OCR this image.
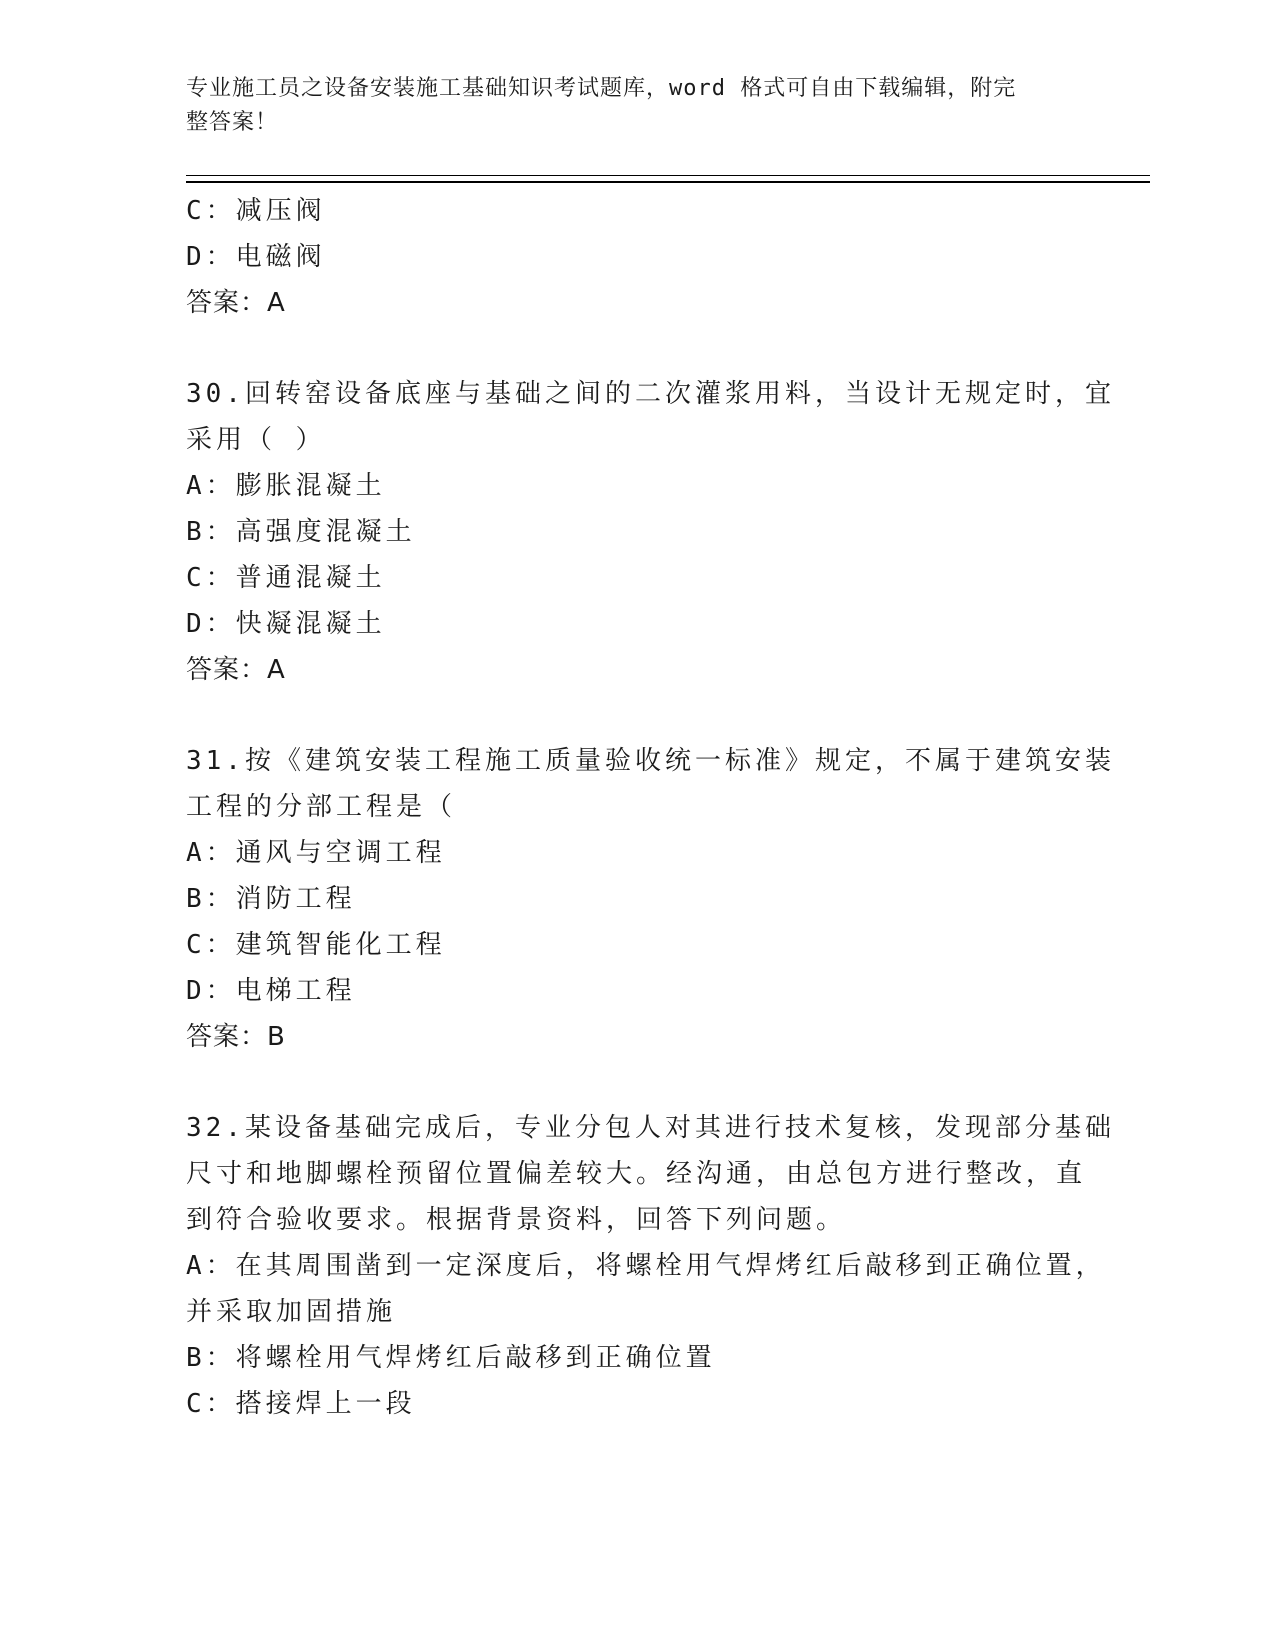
专业施工员之设备安装施工基础知识考试题库，word 格式可自由下载编辑，附完
整答案！
C：减压阀
D：电磁阀
答案：A
30.回转窑设备底座与基础之间的二次灌浆用料，当设计无规定时，宜
采用（ ）
A：膨胀混凝土
B：高强度混凝土
C：普通混凝土
D：快凝混凝土
答案：A
31.按《建筑安装工程施工质量验收统一标准》规定，不属于建筑安装
工程的分部工程是（
A：通风与空调工程
B：消防工程
C：建筑智能化工程
D：电梯工程
答案：B
32.某设备基础完成后，专业分包人对其进行技术复核，发现部分基础
尺寸和地脚螺栓预留位置偏差较大。经沟通，由总包方进行整改，直
到符合验收要求。根据背景资料，回答下列问题。
A：在其周围凿到一定深度后，将螺栓用气焊烤红后敲移到正确位置，
并采取加固措施
B：将螺栓用气焊烤红后敲移到正确位置
C：搭接焊上一段
